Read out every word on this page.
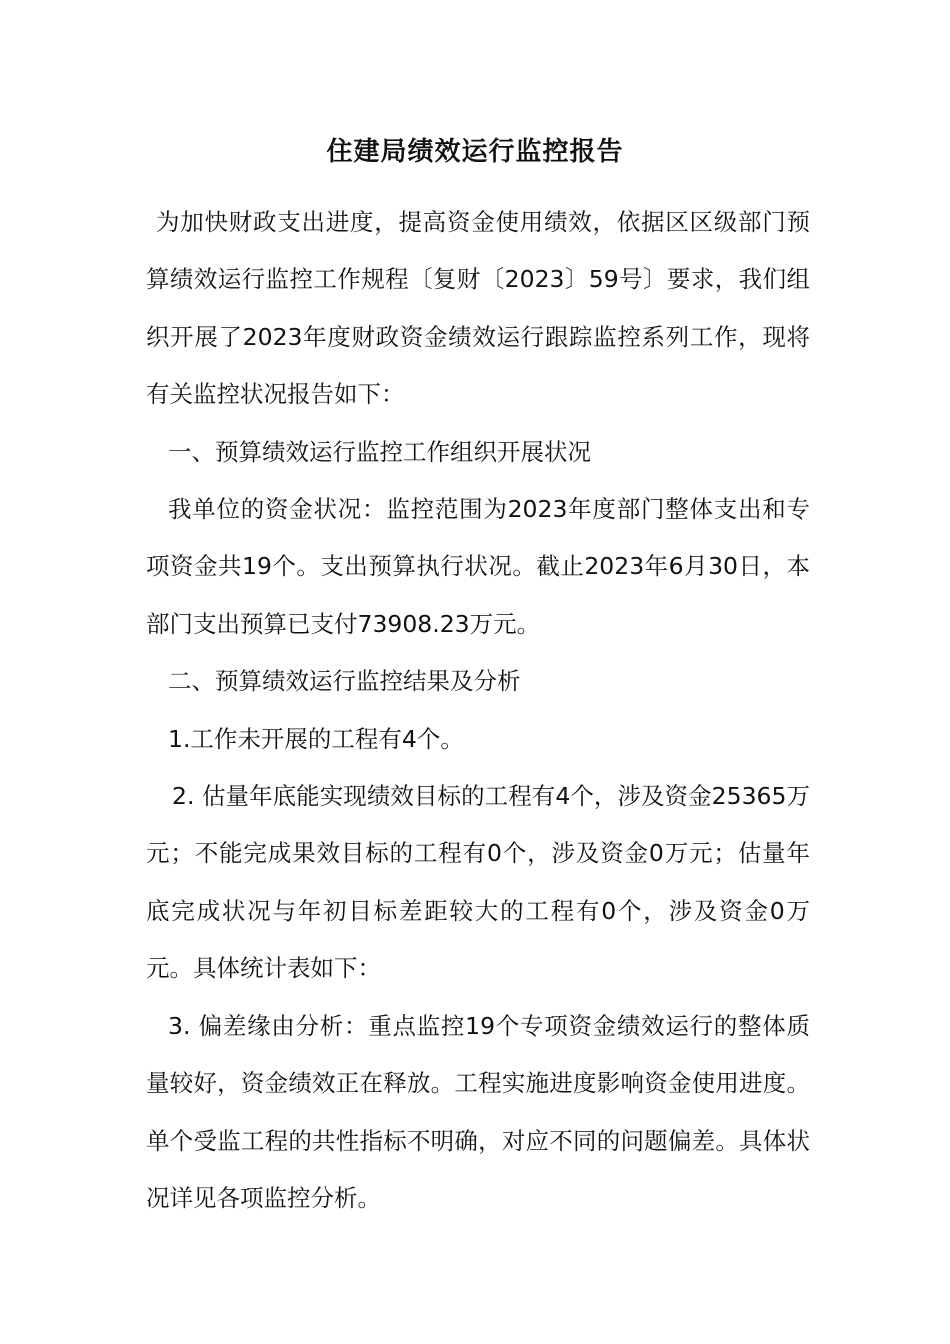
住建局绩效运行监控报告

为加快财政支出进度，提高资金使用绩效，依据区区级部门预算绩效运行监控工作规程〔复财〔2023〕59号〕要求，我们组织开展了2023年度财政资金绩效运行跟踪监控系列工作，现将有关监控状况报告如下：

一、预算绩效运行监控工作组织开展状况

我单位的资金状况：监控范围为2023年度部门整体支出和专项资金共19个。支出预算执行状况。截止2023年6月30日，本部门支出预算已支付73908.23万元。

二、预算绩效运行监控结果及分析

1.工作未开展的工程有4个。

2. 估量年底能实现绩效目标的工程有4个，涉及资金25365万元；不能完成果效目标的工程有0个，涉及资金0万元；估量年底完成状况与年初目标差距较大的工程有0个，涉及资金0万元。具体统计表如下：

3. 偏差缘由分析：重点监控19个专项资金绩效运行的整体质量较好，资金绩效正在释放。工程实施进度影响资金使用进度。单个受监工程的共性指标不明确，对应不同的问题偏差。具体状况详见各项监控分析。
